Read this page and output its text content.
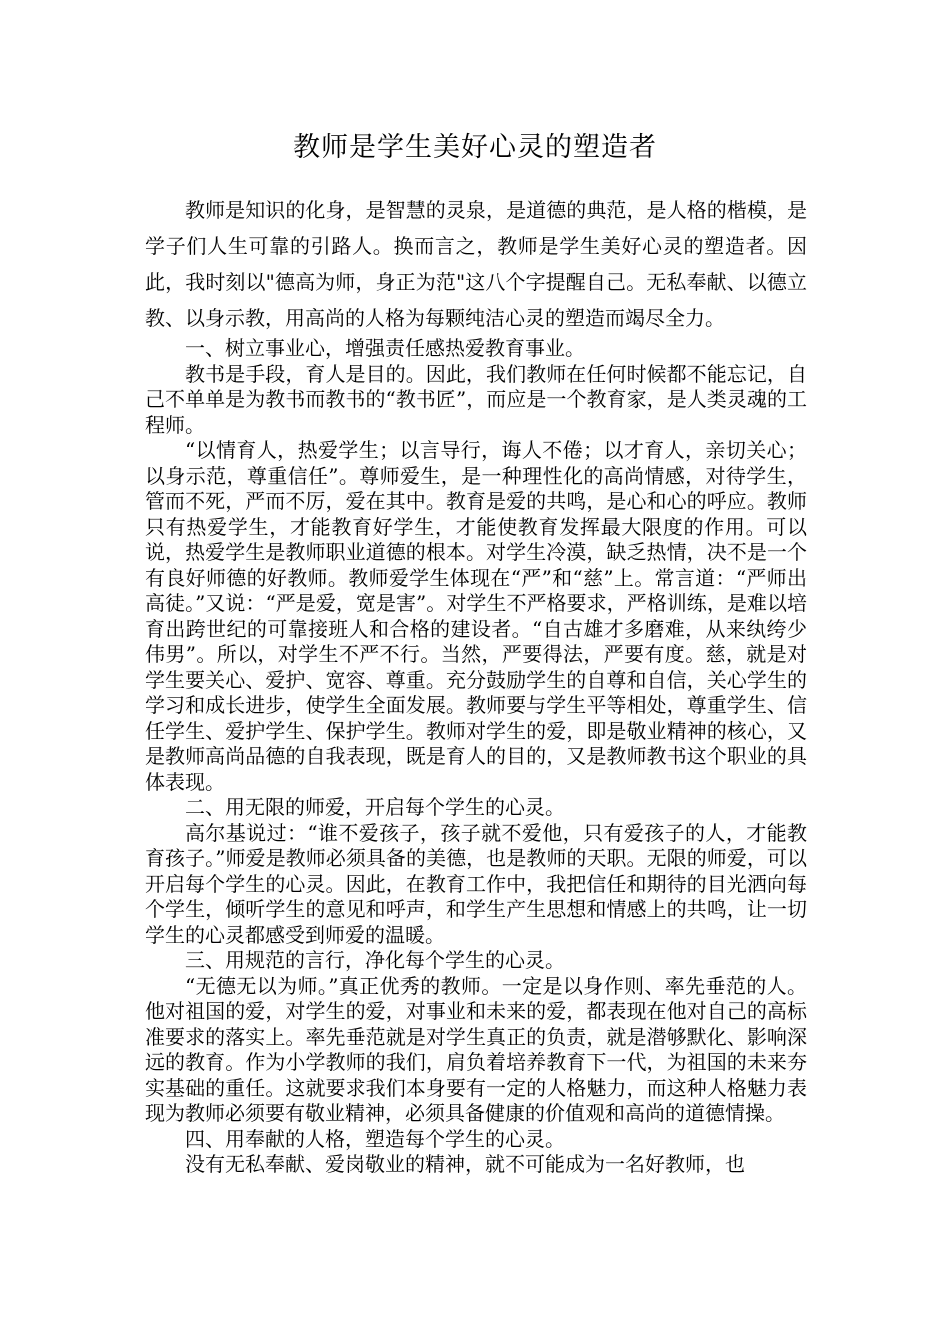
教师是学生美好心灵的塑造者

教师是知识的化身，是智慧的灵泉，是道德的典范，是人格的楷模，是学子们人生可靠的引路人。换而言之，教师是学生美好心灵的塑造者。因此，我时刻以"德高为师，身正为范"这八个字提醒自己。无私奉献、以德立教、以身示教，用高尚的人格为每颗纯洁心灵的塑造而竭尽全力。

一、树立事业心，增强责任感热爱教育事业。

教书是手段，育人是目的。因此，我们教师在任何时候都不能忘记，自己不单单是为教书而教书的“教书匠”，而应是一个教育家，是人类灵魂的工程师。

“以情育人，热爱学生；以言导行，诲人不倦；以才育人，亲切关心；以身示范，尊重信任”。尊师爱生，是一种理性化的高尚情感，对待学生，管而不死，严而不厉，爱在其中。教育是爱的共鸣，是心和心的呼应。教师只有热爱学生，才能教育好学生，才能使教育发挥最大限度的作用。可以说，热爱学生是教师职业道德的根本。对学生冷漠，缺乏热情，决不是一个有良好师德的好教师。教师爱学生体现在“严”和“慈”上。常言道：“严师出高徒。”又说：“严是爱，宽是害”。对学生不严格要求，严格训练，是难以培育出跨世纪的可靠接班人和合格的建设者。“自古雄才多磨难，从来纨绔少伟男”。所以，对学生不严不行。当然，严要得法，严要有度。慈，就是对学生要关心、爱护、宽容、尊重。充分鼓励学生的自尊和自信，关心学生的学习和成长进步，使学生全面发展。教师要与学生平等相处，尊重学生、信任学生、爱护学生、保护学生。教师对学生的爱，即是敬业精神的核心，又是教师高尚品德的自我表现，既是育人的目的，又是教师教书这个职业的具体表现。

二、用无限的师爱，开启每个学生的心灵。

高尔基说过：“谁不爱孩子，孩子就不爱他，只有爱孩子的人，才能教育孩子。”师爱是教师必须具备的美德，也是教师的天职。无限的师爱，可以开启每个学生的心灵。因此，在教育工作中，我把信任和期待的目光洒向每个学生，倾听学生的意见和呼声，和学生产生思想和情感上的共鸣，让一切学生的心灵都感受到师爱的温暖。

三、用规范的言行，净化每个学生的心灵。

“无德无以为师。”真正优秀的教师。一定是以身作则、率先垂范的人。他对祖国的爱，对学生的爱，对事业和未来的爱，都表现在他对自己的高标准要求的落实上。率先垂范就是对学生真正的负责，就是潜够默化、影响深远的教育。作为小学教师的我们，肩负着培养教育下一代，为祖国的未来夯实基础的重任。这就要求我们本身要有一定的人格魅力，而这种人格魅力表现为教师必须要有敬业精神，必须具备健康的价值观和高尚的道德情操。

四、用奉献的人格，塑造每个学生的心灵。

没有无私奉献、爱岗敬业的精神，就不可能成为一名好教师，也
